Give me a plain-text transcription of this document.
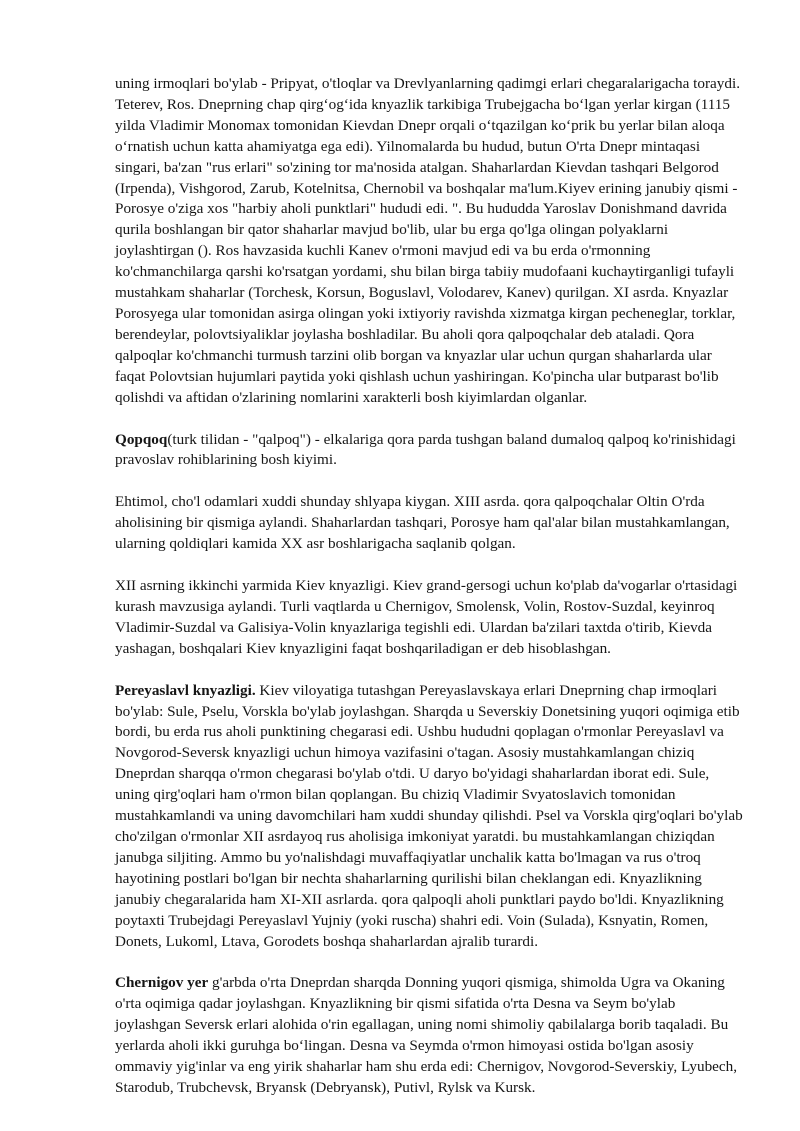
uning irmoqlari bo'ylab - Pripyat, o'tloqlar va Drevlyanlarning qadimgi erlari chegaralarigacha toraydi. Teterev, Ros. Dneprning chap qirg‘og‘ida knyazlik tarkibiga Trubejgacha bo‘lgan yerlar kirgan (1115 yilda Vladimir Monomax tomonidan Kievdan Dnepr orqali o‘tqazilgan ko‘prik bu yerlar bilan aloqa o‘rnatish uchun katta ahamiyatga ega edi). Yilnomalarda bu hudud, butun O'rta Dnepr mintaqasi singari, ba'zan "rus erlari" so'zining tor ma'nosida atalgan. Shaharlardan Kievdan tashqari Belgorod (Irpenda), Vishgorod, Zarub, Kotelnitsa, Chernobil va boshqalar ma'lum.Kiyev erining janubiy qismi - Porosye o'ziga xos "harbiy aholi punktlari" hududi edi. ". Bu hududda Yaroslav Donishmand davrida qurila boshlangan bir qator shaharlar mavjud bo'lib, ular bu erga qo'lga olingan polyaklarni joylashtirgan (). Ros havzasida kuchli Kanev o'rmoni mavjud edi va bu erda o'rmonning ko'chmanchilarga qarshi ko'rsatgan yordami, shu bilan birga tabiiy mudofaani kuchaytirganligi tufayli mustahkam shaharlar (Torchesk, Korsun, Boguslavl, Volodarev, Kanev) qurilgan. XI asrda. Knyazlar Porosyega ular tomonidan asirga olingan yoki ixtiyoriy ravishda xizmatga kirgan pechenеglar, torklar, berendeylar, polovtsiyaliklar joylasha boshladilar. Bu aholi qora qalpoqchalar deb ataladi. Qora qalpoqlar ko'chmanchi turmush tarzini olib borgan va knyazlar ular uchun qurgan shaharlarda ular faqat Polovtsian hujumlari paytida yoki qishlash uchun yashiringan. Ko'pincha ular butparast bo'lib qolishdi va aftidan o'zlarining nomlarini xarakterli bosh kiyimlardan olganlar.

Qopqoq(turk tilidan - "qalpoq") - elkalariga qora parda tushgan baland dumaloq qalpoq ko'rinishidagi pravoslav rohiblarining bosh kiyimi.

Ehtimol, cho'l odamlari xuddi shunday shlyapa kiygan. XIII asrda. qora qalpoqchalar Oltin O'rda aholisining bir qismiga aylandi. Shaharlardan tashqari, Porosye ham qal'alar bilan mustahkamlangan, ularning qoldiqlari kamida XX asr boshlarigacha saqlanib qolgan.

XII asrning ikkinchi yarmida Kiev knyazligi. Kiev grand-gersogi uchun ko'plab da'vogarlar o'rtasidagi kurash mavzusiga aylandi. Turli vaqtlarda u Chernigov, Smolensk, Volin, Rostov-Suzdal, keyinroq Vladimir-Suzdal va Galisiya-Volin knyazlariga tegishli edi. Ulardan ba'zilari taxtda o'tirib, Kievda yashagan, boshqalari Kiev knyazligini faqat boshqariladigan er deb hisoblashgan.

Pereyaslavl knyazligi. Kiev viloyatiga tutashgan Pereyaslavskaya erlari Dneprning chap irmoqlari bo'ylab: Sule, Pselu, Vorskla bo'ylab joylashgan. Sharqda u Severskiy Donetsining yuqori oqimiga etib bordi, bu erda rus aholi punktining chegarasi edi. Ushbu hududni qoplagan o'rmonlar Pereyaslavl va Novgorod-Seversk knyazligi uchun himoya vazifasini o'tagan. Asosiy mustahkamlangan chiziq Dneprdan sharqqa o'rmon chegarasi bo'ylab o'tdi. U daryo bo'yidagi shaharlardan iborat edi. Sule, uning qirg'oqlari ham o'rmon bilan qoplangan. Bu chiziq Vladimir Svyatoslavich tomonidan mustahkamlandi va uning davomchilari ham xuddi shunday qilishdi. Psel va Vorskla qirg'oqlari bo'ylab cho'zilgan o'rmonlar XII asrdayoq rus aholisiga imkoniyat yaratdi. bu mustahkamlangan chiziqdan janubga siljiting. Ammo bu yo'nalishdagi muvaffaqiyatlar unchalik katta bo'lmagan va rus o'troq hayotining postlari bo'lgan bir nechta shaharlarning qurilishi bilan cheklangan edi. Knyazlikning janubiy chegaralarida ham XI-XII asrlarda. qora qalpoqli aholi punktlari paydo bo'ldi. Knyazlikning poytaxti Trubejdagi Pereyaslavl Yujniy (yoki ruscha) shahri edi. Voin (Sulada), Ksnyatin, Romen, Donets, Lukoml, Ltava, Gorodets boshqa shaharlardan ajralib turardi.

Chernigov yer g'arbda o'rta Dneprdan sharqda Donning yuqori qismiga, shimolda Ugra va Okaning o'rta oqimiga qadar joylashgan. Knyazlikning bir qismi sifatida o'rta Desna va Seym bo'ylab joylashgan Seversk erlari alohida o'rin egallagan, uning nomi shimoliy qabilalarga borib taqaladi. Bu yerlarda aholi ikki guruhga bo‘lingan. Desna va Seymda o'rmon himoyasi ostida bo'lgan asosiy ommaviy yig'inlar va eng yirik shaharlar ham shu erda edi: Chernigov, Novgorod-Severskiy, Lyubech, Starodub, Trubchevsk, Bryansk (Debryansk), Putivl, Rylsk va Kursk.
